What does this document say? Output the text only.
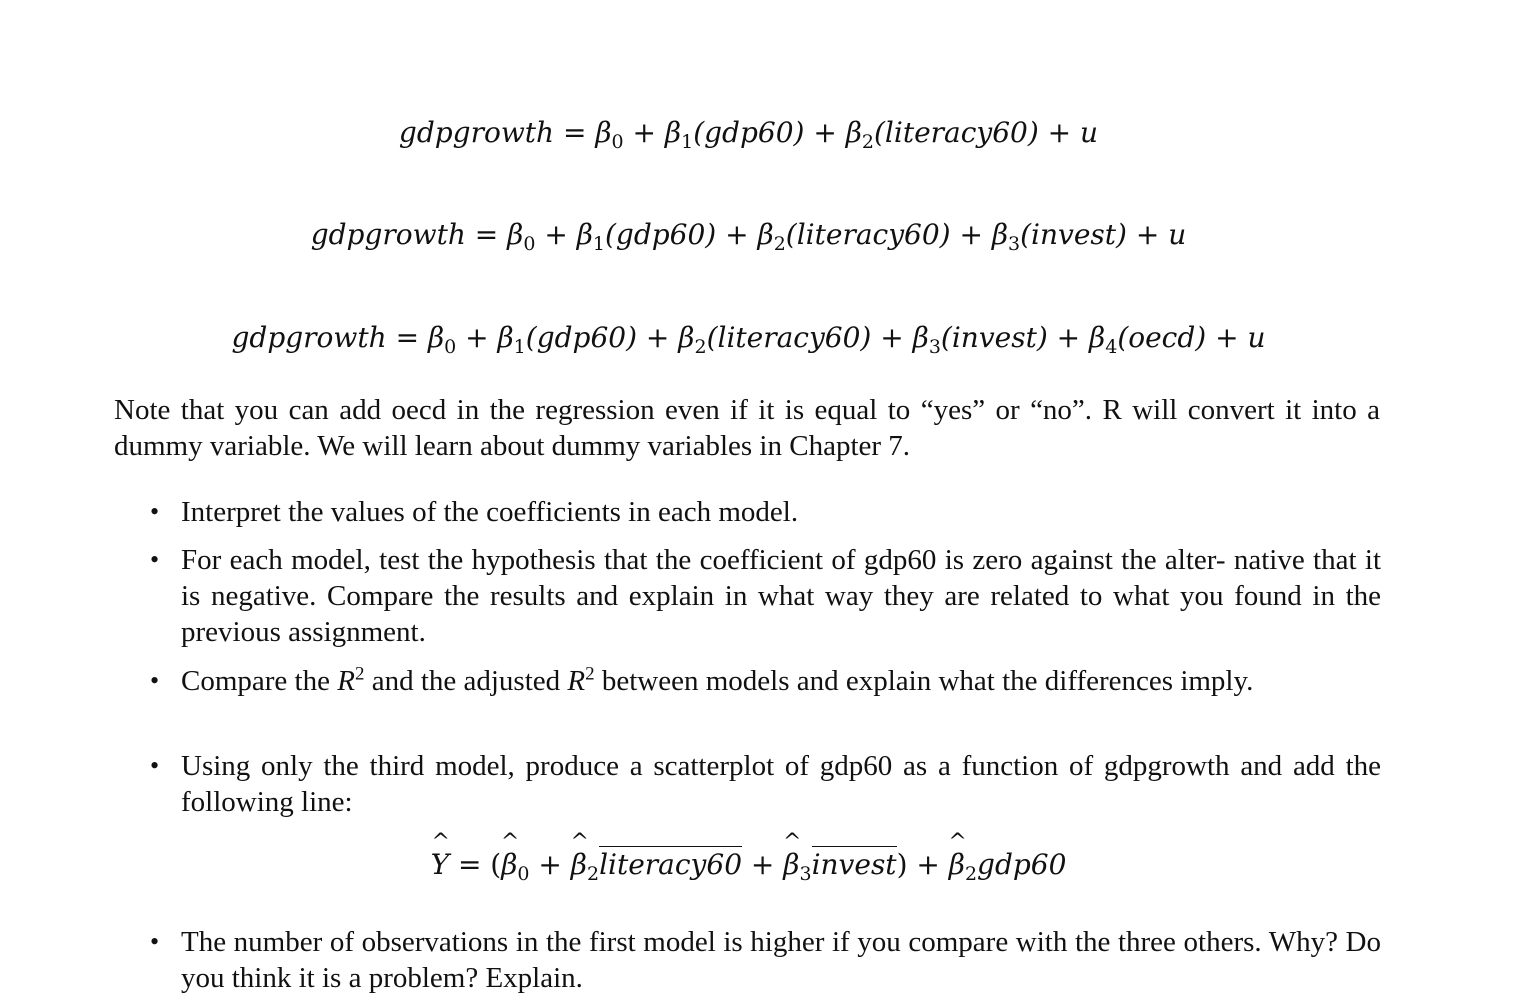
gdpgrowth = $\beta_0 + \beta_1(gdp60)$ + $\beta_2(literacy60) + u$
gdpgrowth = $\beta_0 + \beta_1(gdp60)$ + $\beta_2(literacy60)$ + $\beta_3(invest) + u$
gdpgrowth = $\beta_0 + \beta_1(gdp60)$ + $\beta_2(literacy60)$ + $\beta_3(invest)$ + $\beta_4(oecd) + u$
Note that you can add oecd in the regression even if it is equal to “yes” or “no”. R will convert it into a dummy variable. We will learn about dummy variables in Chapter 7.
• Interpret the values of the coefficients in each model.
• For each model, test the hypothesis that the coefficient of gdp60 is zero against the alter- native that it is negative. Compare the results and explain in what way they are related to what you found in the previous assignment.
• Compare the $R^2$ and the adjusted $R^2$ between models and explain what the differences imply.
• Using only the third model, produce a scatterplot of gdp60 as a function of gdpgrowth and add the following line:
• The number of observations in the first model is higher if you compare with the three others. Why? Do you think it is a problem? Explain.
^ Y = (^ $\beta_0$ + ^ $\beta_2literacy60$ + ^ $\beta_3invest$) + ^ $\beta_2gdp60$
